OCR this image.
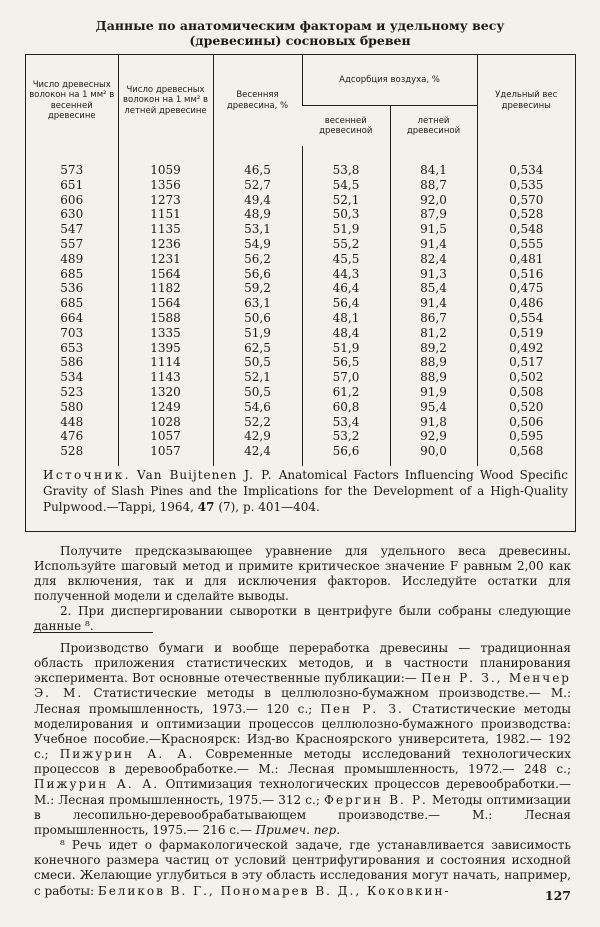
Данные по анатомическим факторам и удельному весу
(древесины) сосновых бревен
Число древесных волокон на 1 мм² в весенней древесине	Число древесных волокон на 1 мм² в летней древесине	Весенняя древесина, %	Адсорбция воздуха, %		Удельный вес древесины
			весенней древесиной	летней древесиной	

573	1059	46,5	53,8	84,1	0,534
651	1356	52,7	54,5	88,7	0,535
606	1273	49,4	52,1	92,0	0,570
630	1151	48,9	50,3	87,9	0,528
547	1135	53,1	51,9	91,5	0,548
557	1236	54,9	55,2	91,4	0,555
489	1231	56,2	45,5	82,4	0,481
685	1564	56,6	44,3	91,3	0,516
536	1182	59,2	46,4	85,4	0,475
685	1564	63,1	56,4	91,4	0,486
664	1588	50,6	48,1	86,7	0,554
703	1335	51,9	48,4	81,2	0,519
653	1395	62,5	51,9	89,2	0,492
586	1114	50,5	56,5	88,9	0,517
534	1143	52,1	57,0	88,9	0,502
523	1320	50,5	61,2	91,9	0,508
580	1249	54,6	60,8	95,4	0,520
448	1028	52,2	53,4	91,8	0,506
476	1057	42,9	53,2	92,9	0,595
528	1057	42,4	56,6	90,0	0,568

Источник. Van Buijtenen J. P. Anatomical Factors Influencing Wood Specific Gravity of Slash Pines and the Implications for the Development of a High-Quality Pulpwood.—Tappi, 1964, 47 (7), p. 401—404.

Получите предсказывающее уравнение для удельного веса древесины. Используйте шаговый метод и примите критическое значение F равным 2,00 как для включения, так и для исключения факторов. Исследуйте остатки для полученной модели и сделайте выводы.

2. При диспергировании сыворотки в центрифуге были собраны следующие данные ⁸.

Производство бумаги и вообще переработка древесины — традиционная область приложения статистических методов, и в частности планирования эксперимента. Вот основные отечественные публикации:— Пен Р. З., Менчер Э. М. Статистические методы в целлюлозно-бумажном производстве.— М.: Лесная промышленность, 1973.— 120 с.; Пен Р. З. Статистические методы моделирования и оптимизации процессов целлюлозно-бумажного производства: Учебное пособие.—Красноярск: Изд-во Красноярского университета, 1982.— 192 с.; Пижурин А. А. Современные методы исследований технологических процессов в деревообработке.— М.: Лесная промышленность, 1972.— 248 с.; Пижурин А. А. Оптимизация технологических процессов деревообработки.— М.: Лесная промышленность, 1975.— 312 с.; Фергин В. Р. Методы оптимизации в лесопильно-деревообрабатывающем производстве.— М.: Лесная промышленность, 1975.— 216 с.— Примеч. пер.

⁸ Речь идет о фармакологической задаче, где устанавливается зависимость конечного размера частиц от условий центрифугирования и состояния исходной смеси. Желающие углубиться в эту область исследования могут начать, например, с работы: Беликов В. Г., Пономарев В. Д., Коковкин-	127
